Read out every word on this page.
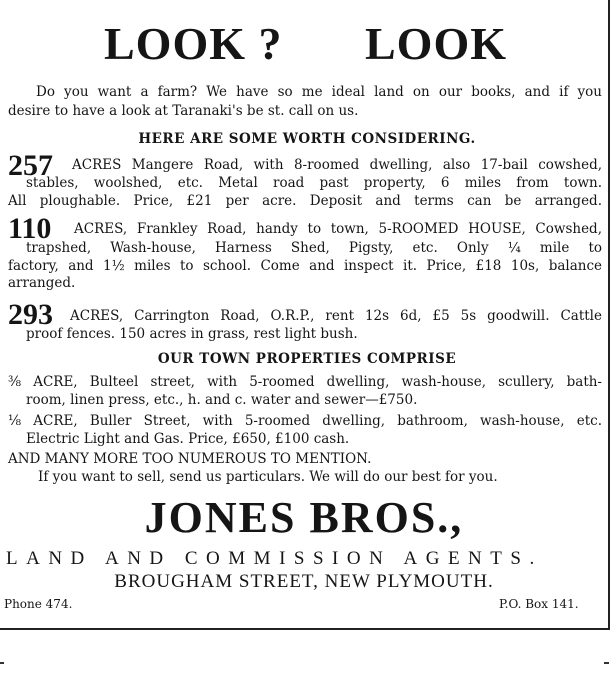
LOOK ? LOOK
Do you want a farm? We have so me ideal land on our books, and if you
desire to have a look at Taranaki's be st. call on us.
HERE ARE SOME WORTH CONSIDERING.
257 ACRES Mangere Road, with 8-roomed dwelling, also 17-bail cowshed,
stables, woolshed, etc. Metal road past property, 6 miles from town.
All ploughable. Price, £21 per acre. Deposit and terms can be arranged.
110 ACRES, Frankley Road, handy to town, 5-ROOMED HOUSE, Cowshed,
trapshed, Wash-house, Harness Shed, Pigsty, etc. Only ¼ mile to
factory, and 1½ miles to school. Come and inspect it. Price, £18 10s, balance
arranged.
293 ACRES, Carrington Road, O.R.P., rent 12s 6d, £5 5s goodwill. Cattle
proof fences. 150 acres in grass, rest light bush.
OUR TOWN PROPERTIES COMPRISE
⅜ ACRE, Bulteel street, with 5-roomed dwelling, wash-house, scullery, bath-
room, linen press, etc., h. and c. water and sewer—£750.
⅛ ACRE, Buller Street, with 5-roomed dwelling, bathroom, wash-house, etc.
Electric Light and Gas. Price, £650, £100 cash.
AND MANY MORE TOO NUMEROUS TO MENTION.
If you want to sell, send us particulars. We will do our best for you.
JONES BROS.,
LAND AND COMMISSION AGENTS.
BROUGHAM STREET, NEW PLYMOUTH.
Phone 474.	P.O. Box 141.
